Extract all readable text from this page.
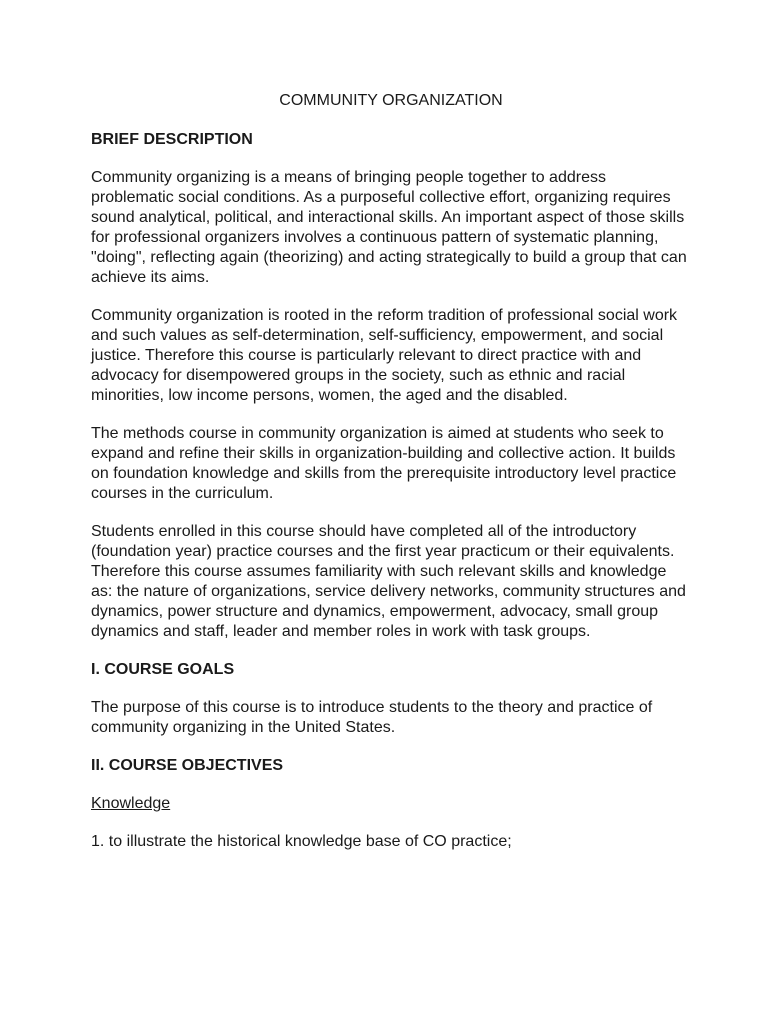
COMMUNITY ORGANIZATION
BRIEF DESCRIPTION

Community organizing is a means of bringing people together to address problematic social conditions. As a purposeful collective effort, organizing requires sound analytical, political, and interactional skills. An important aspect of those skills for professional organizers involves a continuous pattern of systematic planning, "doing", reflecting again (theorizing) and acting strategically to build a group that can achieve its aims.

Community organization is rooted in the reform tradition of professional social work and such values as self-determination, self-sufficiency, empowerment, and social justice. Therefore this course is particularly relevant to direct practice with and advocacy for disempowered groups in the society, such as ethnic and racial minorities, low income persons, women, the aged and the disabled.

The methods course in community organization is aimed at students who seek to expand and refine their skills in organization-building and collective action. It builds on foundation knowledge and skills from the prerequisite introductory level practice courses in the curriculum.

Students enrolled in this course should have completed all of the introductory (foundation year) practice courses and the first year practicum or their equivalents. Therefore this course assumes familiarity with such relevant skills and knowledge as: the nature of organizations, service delivery networks, community structures and dynamics, power structure and dynamics, empowerment, advocacy, small group dynamics and staff, leader and member roles in work with task groups.

I. COURSE GOALS

The purpose of this course is to introduce students to the theory and practice of community organizing in the United States.

II. COURSE OBJECTIVES
Knowledge

1. to illustrate the historical knowledge base of CO practice;
